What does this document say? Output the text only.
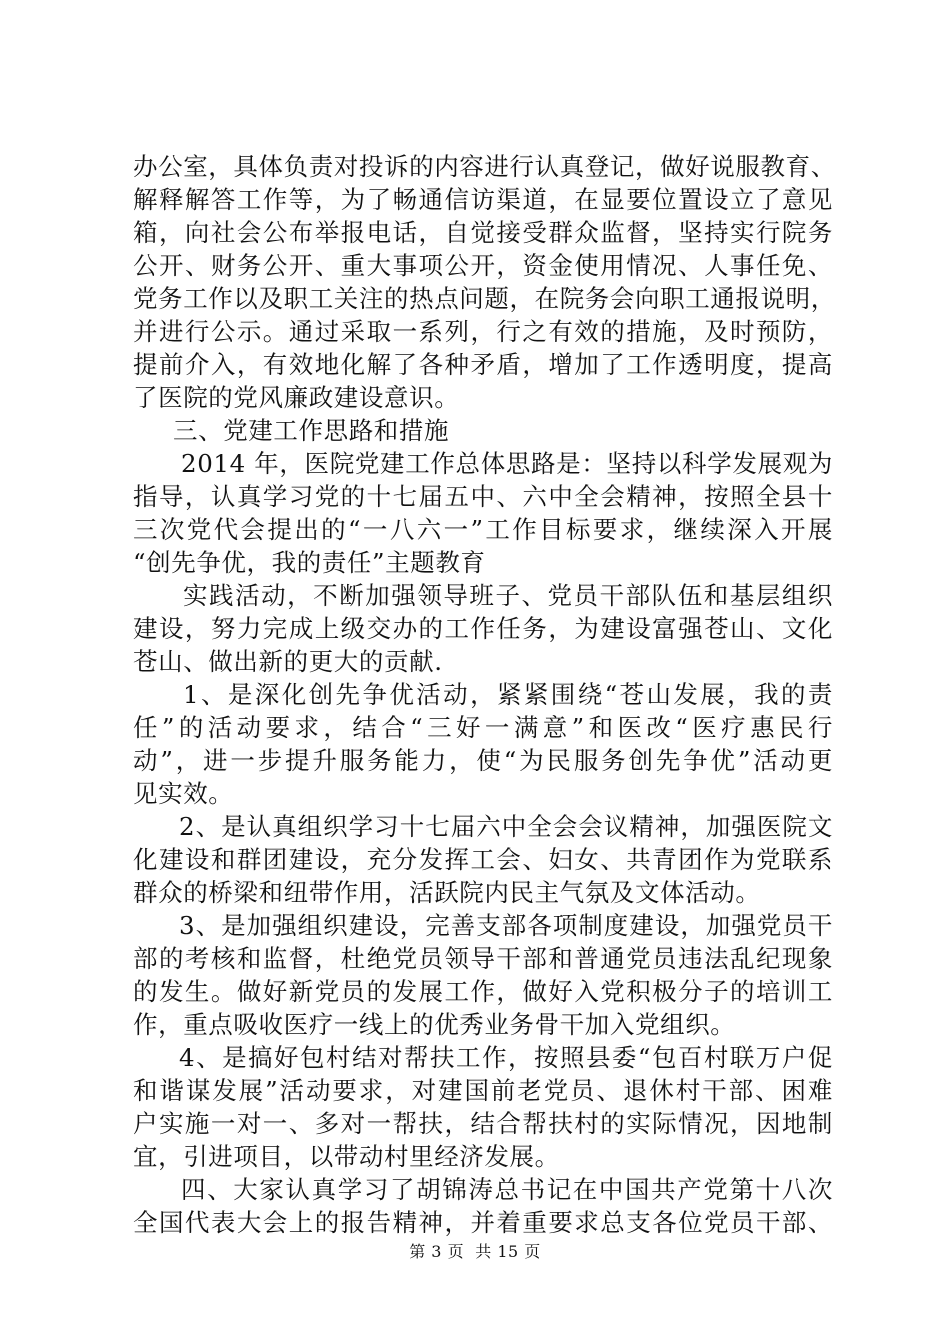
办公室，具体负责对投诉的内容进行认真登记，做好说服教育、
解释解答工作等，为了畅通信访渠道，在显要位置设立了意见
箱，向社会公布举报电话，自觉接受群众监督，坚持实行院务
公开、财务公开、重大事项公开，资金使用情况、人事任免、
党务工作以及职工关注的热点问题，在院务会向职工通报说明，
并进行公示。通过采取一系列，行之有效的措施，及时预防，
提前介入，有效地化解了各种矛盾，增加了工作透明度，提高
了医院的党风廉政建设意识。
三、党建工作思路和措施
2014 年，医院党建工作总体思路是：坚持以科学发展观为
指导，认真学习党的十七届五中、六中全会精神，按照全县十
三次党代会提出的“一八六一”工作目标要求，继续深入开展
“创先争优，我的责任”主题教育
实践活动，不断加强领导班子、党员干部队伍和基层组织
建设，努力完成上级交办的工作任务，为建设富强苍山、文化
苍山、做出新的更大的贡献.
1、是深化创先争优活动，紧紧围绕“苍山发展，我的责
任”的活动要求，结合“三好一满意”和医改“医疗惠民行
动”，进一步提升服务能力，使“为民服务创先争优”活动更
见实效。
2、是认真组织学习十七届六中全会会议精神，加强医院文
化建设和群团建设，充分发挥工会、妇女、共青团作为党联系
群众的桥梁和纽带作用，活跃院内民主气氛及文体活动。
3、是加强组织建设，完善支部各项制度建设，加强党员干
部的考核和监督，杜绝党员领导干部和普通党员违法乱纪现象
的发生。做好新党员的发展工作，做好入党积极分子的培训工
作，重点吸收医疗一线上的优秀业务骨干加入党组织。
4、是搞好包村结对帮扶工作，按照县委“包百村联万户促
和谐谋发展”活动要求，对建国前老党员、退休村干部、困难
户实施一对一、多对一帮扶，结合帮扶村的实际情况，因地制
宜，引进项目，以带动村里经济发展。
四、大家认真学习了胡锦涛总书记在中国共产党第十八次
全国代表大会上的报告精神，并着重要求总支各位党员干部、
第 3 页  共 15 页
